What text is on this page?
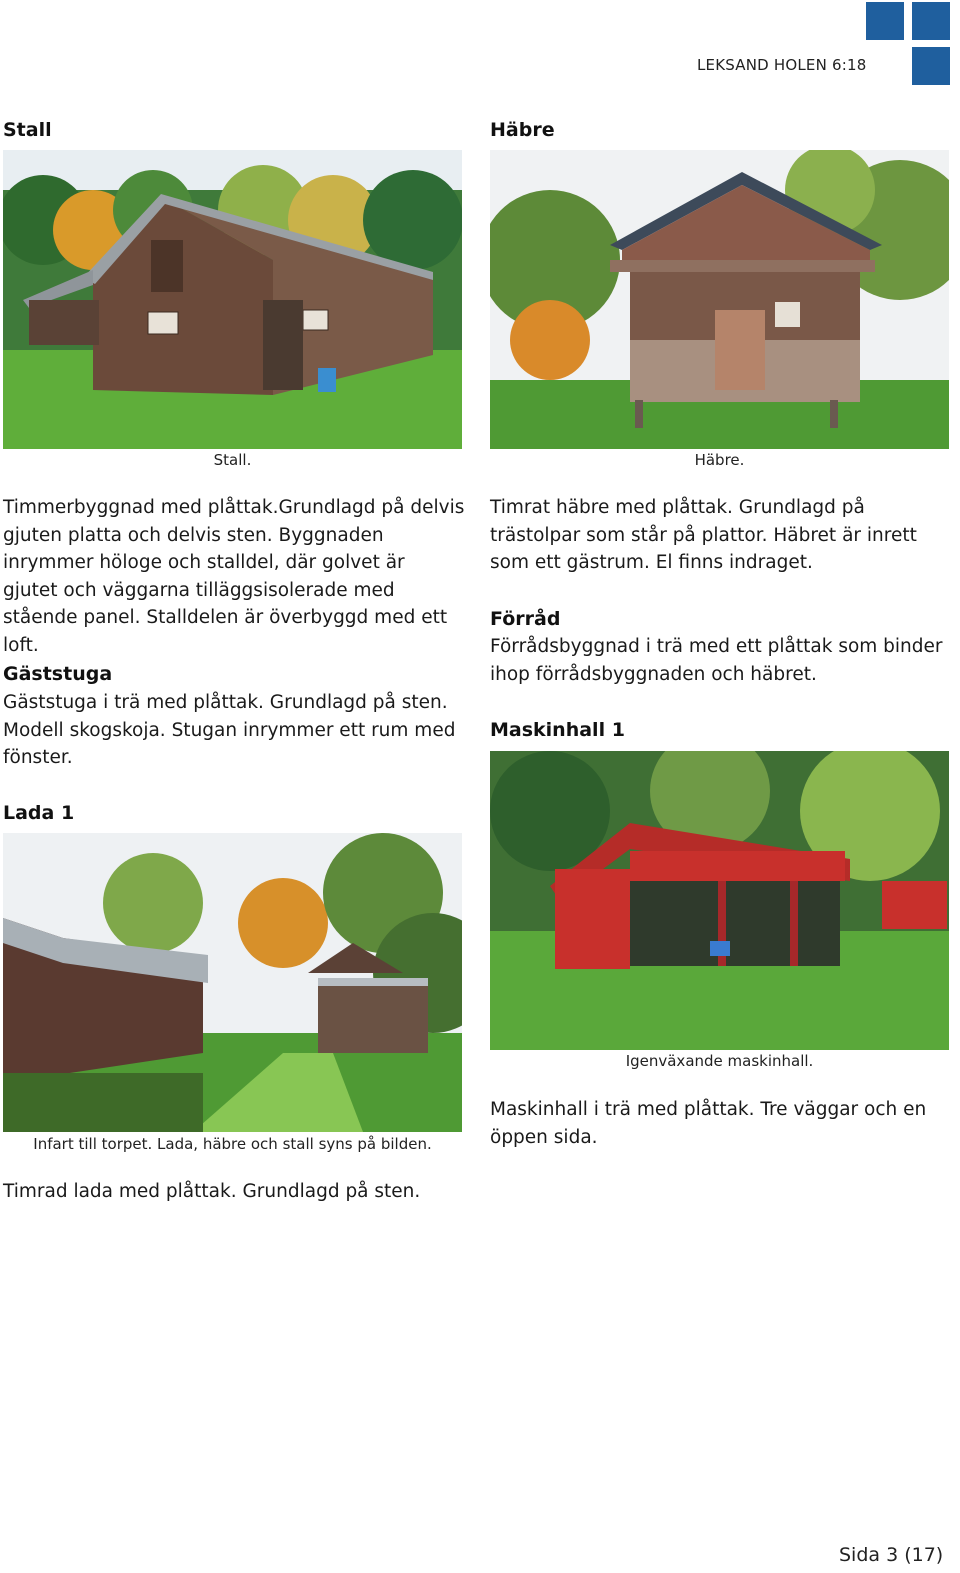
LEKSAND HOLEN 6:18
Stall
Stall.
Timmerbyggnad med plåttak.Grundlagd på delvis gjuten platta och delvis sten. Byggnaden inrymmer hölоge och stalldel, där golvet är gjutet och väggarna tilläggsisolerade med stående panel. Stalldelen är överbyggd med ett loft.
Gäststuga
Gäststuga i trä med plåttak. Grundlagd på sten. Modell skogskoja. Stugan inrymmer ett rum med fönster.
Lada 1
Infart till torpet. Lada, häbre och stall syns på bilden.
Timrad lada med plåttak. Grundlagd på sten.
Häbre
Häbre.
Timrat häbre med plåttak. Grundlagd på trästolpar som står på plattor. Häbret är inrett som ett gästrum. El finns indraget.
Förråd
Förrådsbyggnad i trä med ett plåttak som binder ihop förrådsbyggnaden och häbret.
Maskinhall 1
Igenväxande maskinhall.
Maskinhall i trä med plåttak. Tre väggar och en öppen sida.
Sida 3 (17)
